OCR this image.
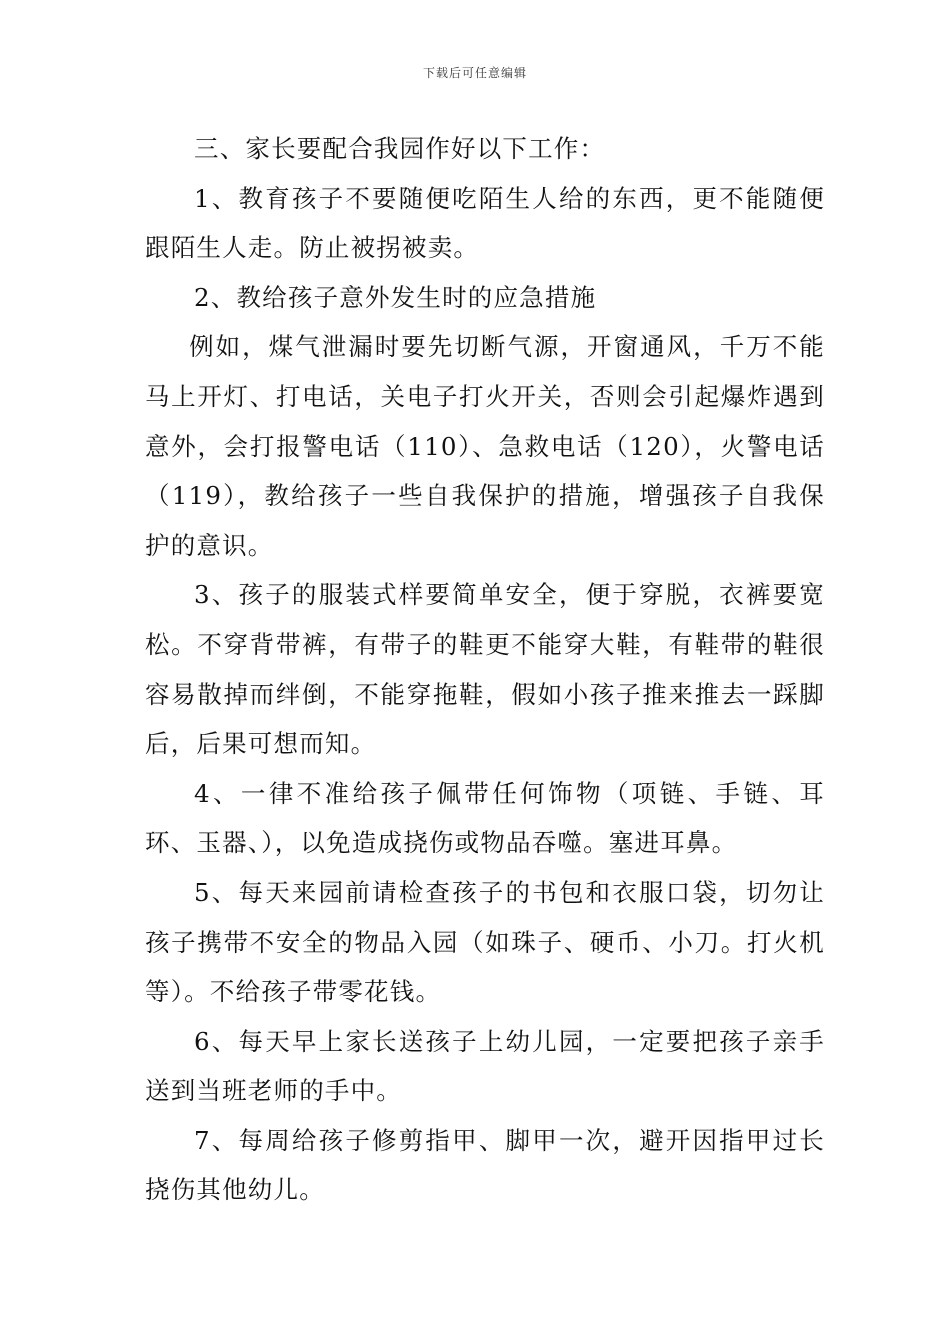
下载后可任意编辑

三、家长要配合我园作好以下工作：

1、教育孩子不要随便吃陌生人给的东西，更不能随便跟陌生人走。防止被拐被卖。

2、教给孩子意外发生时的应急措施

例如，煤气泄漏时要先切断气源，开窗通风，千万不能马上开灯、打电话，关电子打火开关，否则会引起爆炸遇到意外，会打报警电话（110）、急救电话（120），火警电话（119），教给孩子一些自我保护的措施，增强孩子自我保护的意识。

3、孩子的服装式样要简单安全，便于穿脱，衣裤要宽松。不穿背带裤，有带子的鞋更不能穿大鞋，有鞋带的鞋很容易散掉而绊倒，不能穿拖鞋，假如小孩子推来推去一踩脚后，后果可想而知。

4、一律不准给孩子佩带任何饰物（项链、手链、耳环、玉器、），以免造成挠伤或物品吞噬。塞进耳鼻。

5、每天来园前请检查孩子的书包和衣服口袋，切勿让孩子携带不安全的物品入园（如珠子、硬币、小刀。打火机等）。不给孩子带零花钱。

6、每天早上家长送孩子上幼儿园，一定要把孩子亲手送到当班老师的手中。

7、每周给孩子修剪指甲、脚甲一次，避开因指甲过长挠伤其他幼儿。
